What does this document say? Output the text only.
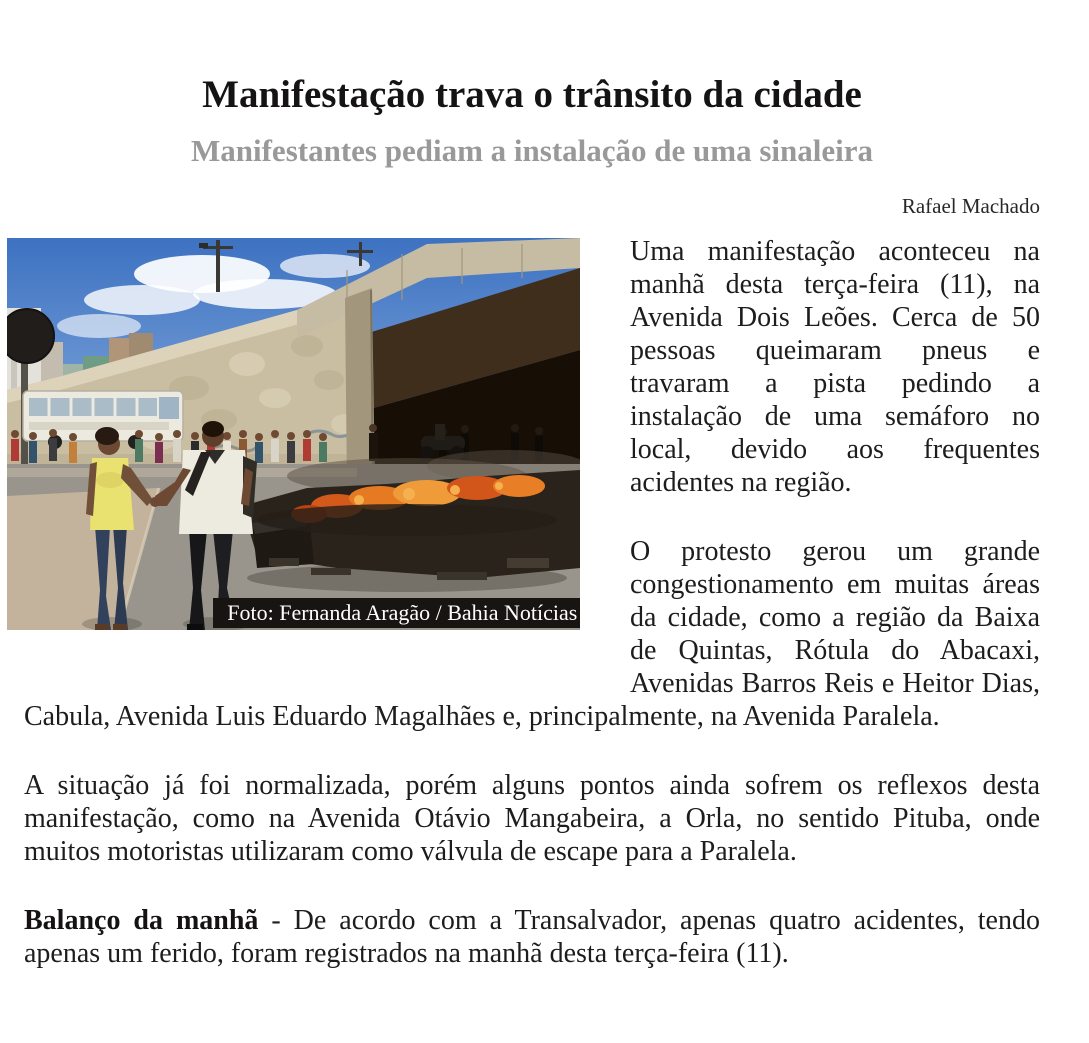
Manifestação trava o trânsito da cidade
Manifestantes pediam a instalação de uma sinaleira
Rafael Machado
Foto: Fernanda Aragão / Bahia Notícias

Uma manifestação aconteceu na manhã desta terça-feira (11), na Avenida Dois Leões. Cerca de 50 pessoas queimaram pneus e travaram a pista pedindo a instalação de uma semáforo no local, devido aos frequentes acidentes na região.

O protesto gerou um grande congestionamento em muitas áreas da cidade, como a região da Baixa de Quintas, Rótula do Abacaxi, Avenidas Barros Reis e Heitor Dias, Cabula, Avenida Luis Eduardo Magalhães e, principalmente, na Avenida Paralela.

A situação já foi normalizada, porém alguns pontos ainda sofrem os reflexos desta manifestação, como na Avenida Otávio Mangabeira, a Orla, no sentido Pituba, onde muitos motoristas utilizaram como válvula de escape para a Paralela.

Balanço da manhã - De acordo com a Transalvador, apenas quatro acidentes, tendo apenas um ferido, foram registrados na manhã desta terça-feira (11).
